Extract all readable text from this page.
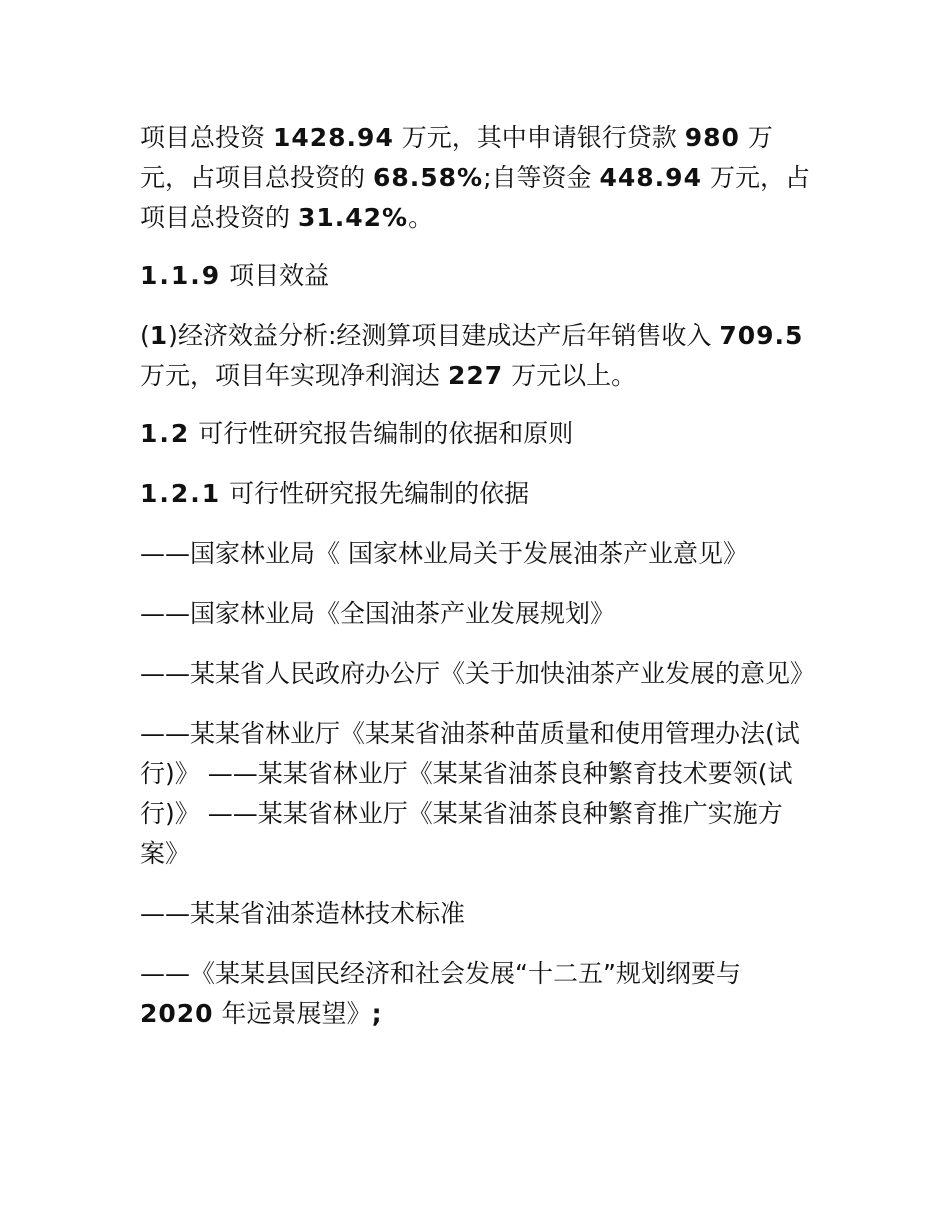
项目总投资 1428.94 万元，其中申请银行贷款 980 万元，占项目总投资的 68.58%;自等资金 448.94 万元，占项目总投资的 31.42%。

1.1.9 项目效益

(1)经济效益分析:经测算项目建成达产后年销售收入 709.5 万元，项目年实现净利润达 227 万元以上。

1.2 可行性研究报告编制的依据和原则

1.2.1 可行性研究报先编制的依据

——国家林业局《 国家林业局关于发展油茶产业意见》

——国家林业局《全国油茶产业发展规划》

——某某省人民政府办公厅《关于加快油茶产业发展的意见》

——某某省林业厅《某某省油茶种苗质量和使用管理办法(试行)》 ——某某省林业厅《某某省油茶良种繁育技术要领(试行)》 ——某某省林业厅《某某省油茶良种繁育推广实施方案》

——某某省油茶造林技术标准

——《某某县国民经济和社会发展“十二五”规划纲要与 2020 年远景展望》;
